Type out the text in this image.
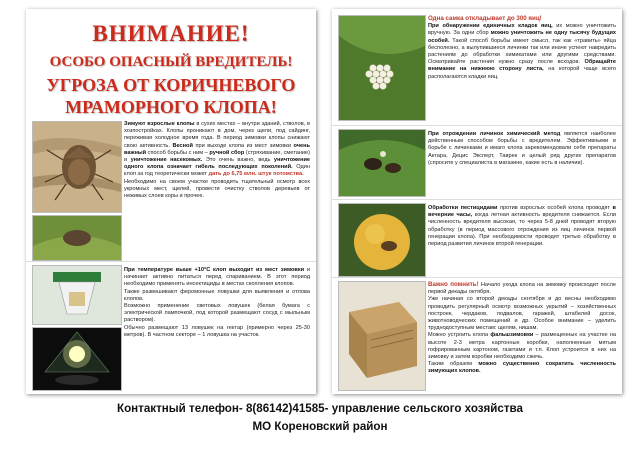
ВНИМАНИЕ!
ОСОБО ОПАСНЫЙ ВРЕДИТЕЛЬ!
УГРОЗА ОТ КОРИЧНЕВОГО
МРАМОРНОГО КЛОПА!
Зимуют взрослые клопы в сухих местах – внутри зданий, стволов, в хозпостройках. Клопы проникают в дом, через щели, под сайдинг, переживая холодное время года. В период зимовки клопы снижают свою активность. Весной при выходе клопа из мест зимовки очень важный способ борьбы с ним – ручной сбор (стряхивание, сметание) и уничтожение насекомых. Это очень важно, ведь уничтожение одного клопа означает гибель последующих поколений. Один клоп за год теоретически может дать до 6,75 млн. штук потомства.
Необходимо на своем участке проводить тщательный осмотр всех укромных мест, щелей, провести очистку стволов деревьев от неживых слоев коры и прочее.
При температуре выше +10°С клоп выходит из мест зимовки и начинает активно питаться перед спариванием. В этот период необходимо применять инсектициды в местах скопления клопов.
Также развешивают феромонные ловушки для выявления и отлова клопов.
Возможно применение световых ловушек (белая бумага с электрической лампочкой, под которой размещают сосуд с мыльным раствором).
Обычно размещают 13 ловушек на гектар (примерно через 25-30 метров). В частном секторе – 1 ловушка на участок.
Одна самка откладывает до 300 яиц!
При обнаружении единичных кладок яиц, их можно уничтожить вручную. За одни сбор можно уничтожить не одну тысячу будущих особей. Такой способ борьбы имеет смысл, так как «травить» яйца бесполезно, а вылупившиеся личинки так или иначе успеют навредить растениям до обработки химикатами или другими средствами. Осматривайте растения нужно сразу после всходов. Обращайте внимание на нижнюю сторону листа, на которой чаще всего располагаются кладки яиц.
При отрождении личинок химический метод является наиболее действенным способом борьбы с вредителем. Эффективными в борьбе с личинками и имаго клопа зарекомендовали себя препараты Актара, Децис Эксперт, Таврек и целый ряд других препаратов (спросите у специалиста в магазине, какие есть в наличии).
Обработки пестицидами против взрослых особей клопа проводят в вечерние часы, когда летная активность вредителя снижается. Если численность вредителя высокая, то через 5-8 дней проводят вторую обработку (в период массового отрождения из яиц личинок первой генерации клопа). При необходимости проводят третью обработку в период развития личинок второй генерации.
Важно помнить! Начало ухода клопа на зимовку происходит после первой декады октября.
Уже начиная со второй декады сентября и до весны необходимо проводить регулярный осмотр возможных укрытий – хозяйственных построек, чердаков, подвалов, гаражей, штабелей досок, животноводческих помещений и др. Особое внимание – уделить труднодоступным местам: щелям, нишам.
Можно устроить клопа фальшзимовки – размещенных на участке на высоте 2-3 метра картонные коробки, наполненные мятым гофрированным картоном, газетами и т.п. Клоп устроится в них на зимовку и затем коробки необходимо сжечь.
Таким образом можно существенно сократить численность зимующих клопов.
Контактный телефон- 8(86142)41585- управление сельского хозяйства
МО Кореновский район
